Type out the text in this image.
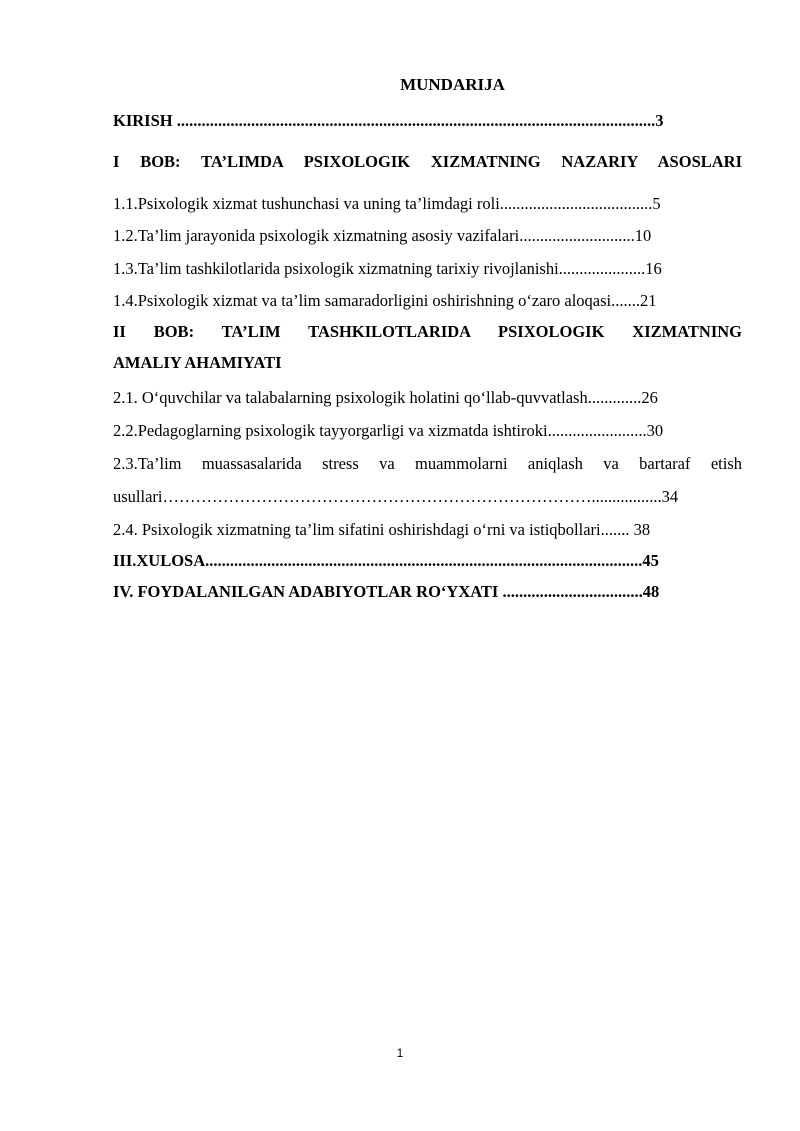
MUNDARIJA
KIRISH ....................................................................................................................3
I BOB: TA’LIMDA PSIXOLOGIK XIZMATNING NAZARIY ASOSLARI
1.1.Psixologik xizmat tushunchasi va uning ta’limdagi roli.....................................5
1.2.Ta’lim jarayonida psixologik xizmatning asosiy vazifalari............................10
1.3.Ta’lim tashkilotlarida psixologik xizmatning tarixiy rivojlanishi.....................16
1.4.Psixologik xizmat va ta’lim samaradorligini oshirishning o‘zaro aloqasi.......21
II BOB: TA’LIM TASHKILOTLARIDA PSIXOLOGIK XIZMATNING
AMALIY AHAMIYATI
2.1. O‘quvchilar va talabalarning psixologik holatini qo‘llab-quvvatlash.............26
2.2.Pedagoglarning psixologik tayyorgarligi va xizmatda ishtiroki........................30
2.3.Ta’lim muassasalarida stress va muammolarni aniqlash va bartaraf etish
usullari…………………………………………………………………….................34
2.4. Psixologik xizmatning ta’lim sifatini oshirishdagi o‘rni va istiqbollari....... 38
III.XULOSA..........................................................................................................45
IV. FOYDALANILGAN ADABIYOTLAR RO‘YXATI ..................................48
1
